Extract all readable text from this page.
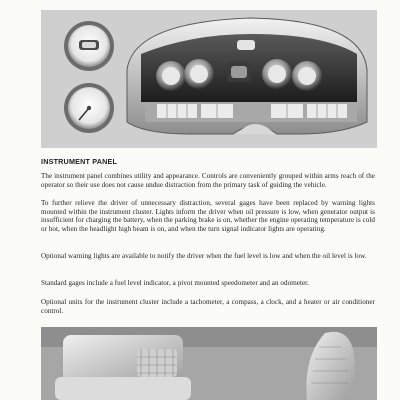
INSTRUMENT PANEL

The instrument panel combines utility and appearance. Controls are conveniently grouped within arms reach of the operator so their use does not cause undue distraction from the primary task of guiding the vehicle.

To further relieve the driver of unnecessary distraction, several gages have been replaced by warning lights mounted within the instrument cluster. Lights inform the driver when oil pressure is low, when generator output is insufficient for charging the battery, when the parking brake is on, whether the engine operating temperature is cold or hot, when the headlight high beam is on, and when the turn signal indicator lights are operating.

Optional warning lights are available to notify the driver when the fuel level is low and when the oil level is low.

Standard gages include a fuel level indicator, a pivot mounted speedometer and an odometer.

Optional units for the instrument cluster include a tachometer, a compass, a clock, and a heater or air conditioner control.
